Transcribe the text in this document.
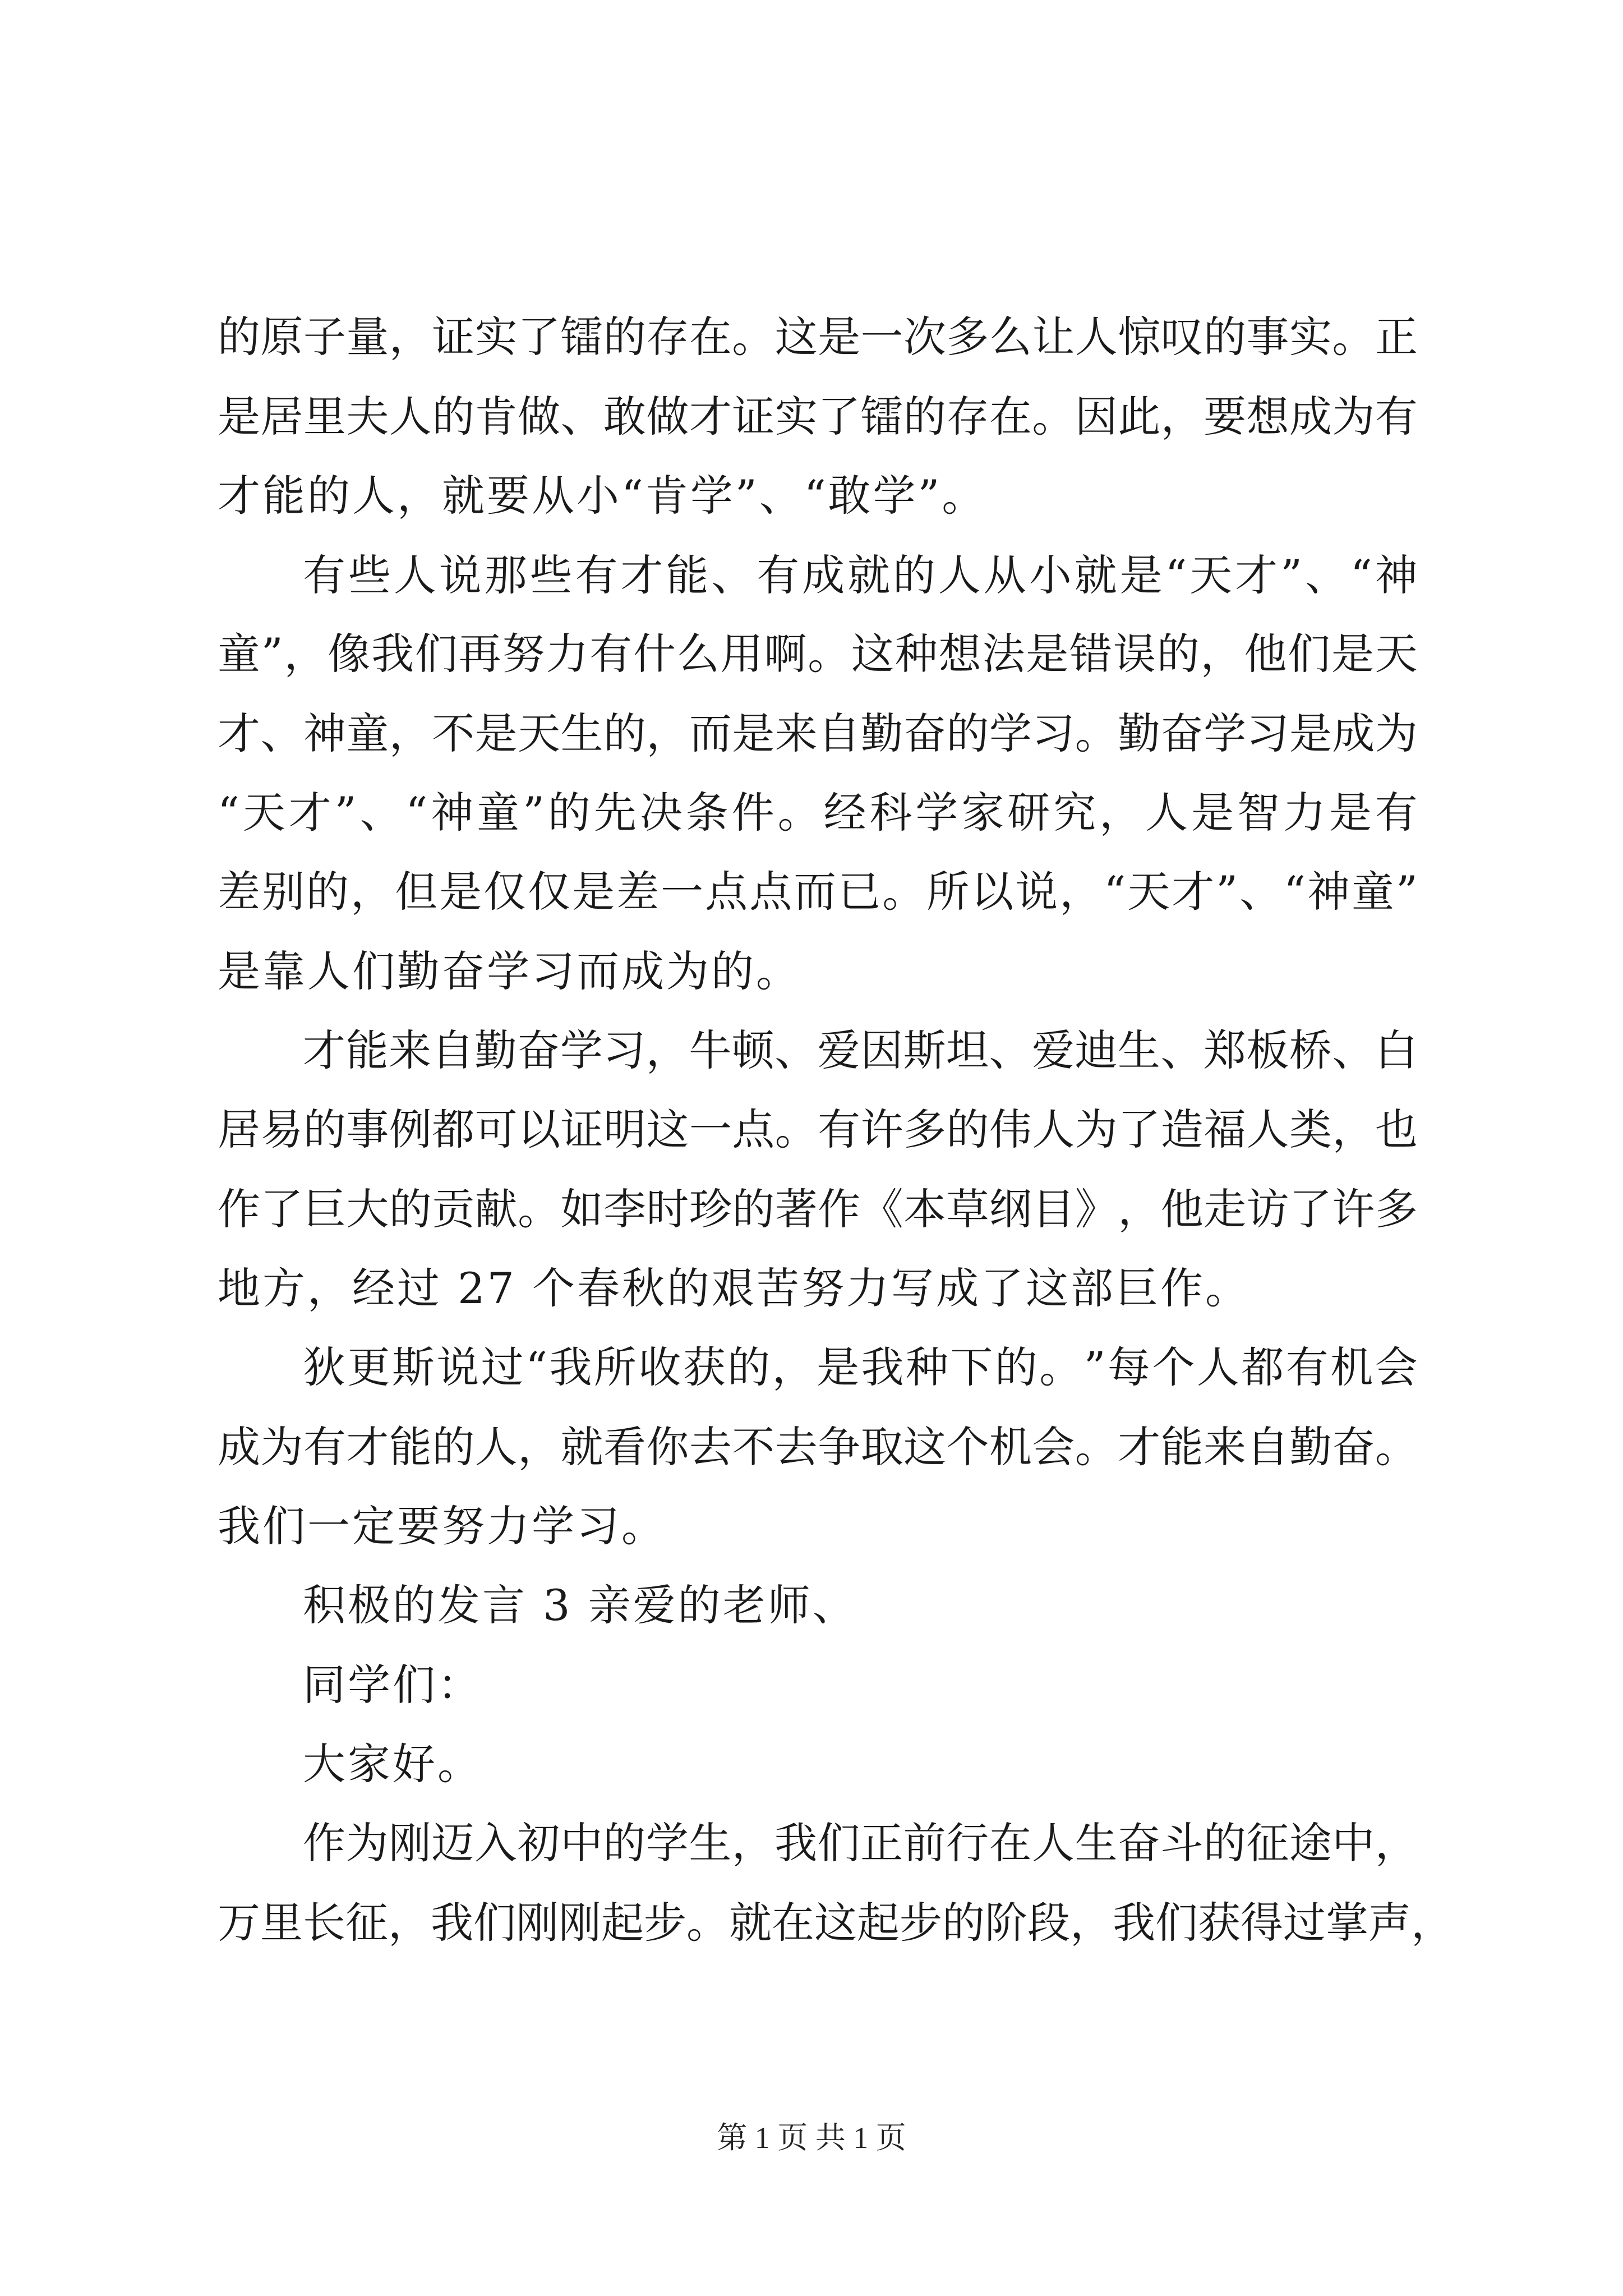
的 原 子 量 ， 证 实 了 镭 的 存 在 。 这 是 一 次 多 么 让 人 惊 叹 的 事 实 。 正
是 居 里 夫 人 的 肯 做 、 敢 做 才 证 实 了 镭 的 存 在 。 因 此 ， 要 想 成 为 有
才能的人，就要从小“肯学”、“敢学”。
有 些 人 说 那 些 有 才 能 、 有 成 就 的 人 从 小 就 是 “ 天 才 ” 、 “ 神
童 ” ， 像 我 们 再 努 力 有 什 么 用 啊 。 这 种 想 法 是 错 误 的 ， 他 们 是 天
才 、 神 童 ， 不 是 天 生 的 ， 而 是 来 自 勤 奋 的 学 习 。 勤 奋 学 习 是 成 为
“ 天 才 ” 、 “ 神 童 ” 的 先 决 条 件 。 经 科 学 家 研 究 ， 人 是 智 力 是 有
差 别 的 ， 但 是 仅 仅 是 差 一 点 点 而 已 。 所 以 说 ， “ 天 才 ” 、 “ 神 童 ”
是靠人们勤奋学习而成为的。
才 能 来 自 勤 奋 学 习 ， 牛 顿 、 爱 因 斯 坦 、 爱 迪 生 、 郑 板 桥 、 白
居 易 的 事 例 都 可 以 证 明 这 一 点 。 有 许 多 的 伟 人 为 了 造 福 人 类 ， 也
作 了 巨 大 的 贡 献 。 如 李 时 珍 的 著 作 《 本 草 纲 目 》 ， 他 走 访 了 许 多
地方，经过 27 个春秋的艰苦努力写成了这部巨作。
狄 更 斯 说 过 “ 我 所 收 获 的 ， 是 我 种 下 的 。 ” 每 个 人 都 有 机 会
成 为 有 才 能 的 人 ， 就 看 你 去 不 去 争 取 这 个 机 会 。 才 能 来 自 勤 奋 。
我们一定要努力学习。
积极的发言 3 亲爱的老师、
同学们：
大家好。
作 为 刚 迈 入 初 中 的 学 生 ， 我 们 正 前 行 在 人 生 奋 斗 的 征 途 中 ，
万 里 长 征 ， 我 们 刚 刚 起 步 。 就 在 这 起 步 的 阶 段 ， 我 们 获 得 过 掌 声 ，
第 1 页 共 1 页
